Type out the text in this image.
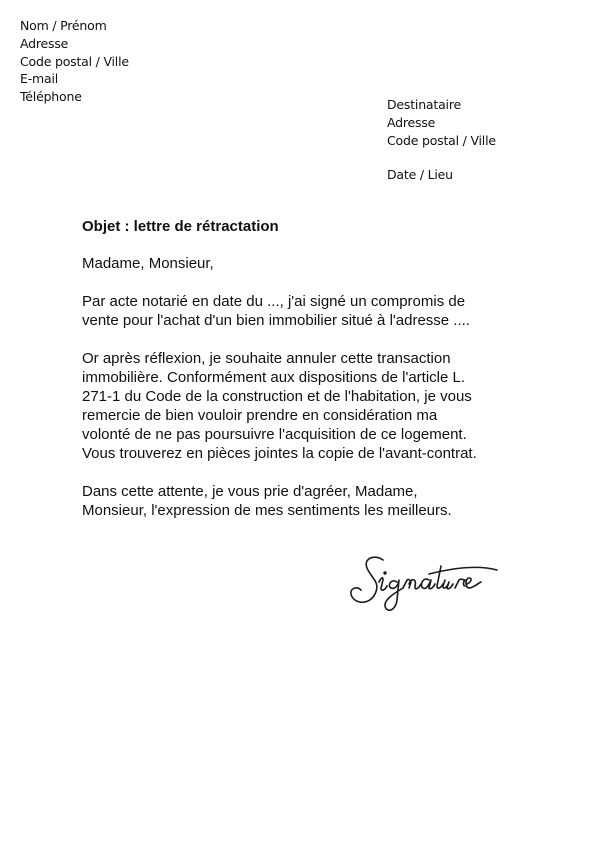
Nom / Prénom
Adresse
Code postal / Ville
E-mail
Téléphone
Destinataire
Adresse
Code postal / Ville
Date / Lieu
Objet : lettre de rétractation
Madame, Monsieur,
Par acte notarié en date du ..., j'ai signé un compromis de
vente pour l'achat d'un bien immobilier situé à l'adresse ....
Or après réflexion, je souhaite annuler cette transaction
immobilière. Conformément aux dispositions de l'article L.
271-1 du Code de la construction et de l'habitation, je vous
remercie de bien vouloir prendre en considération ma
volonté de ne pas poursuivre l'acquisition de ce logement.
Vous trouverez en pièces jointes la copie de l'avant-contrat.
Dans cette attente, je vous prie d'agréer, Madame,
Monsieur, l'expression de mes sentiments les meilleurs.
